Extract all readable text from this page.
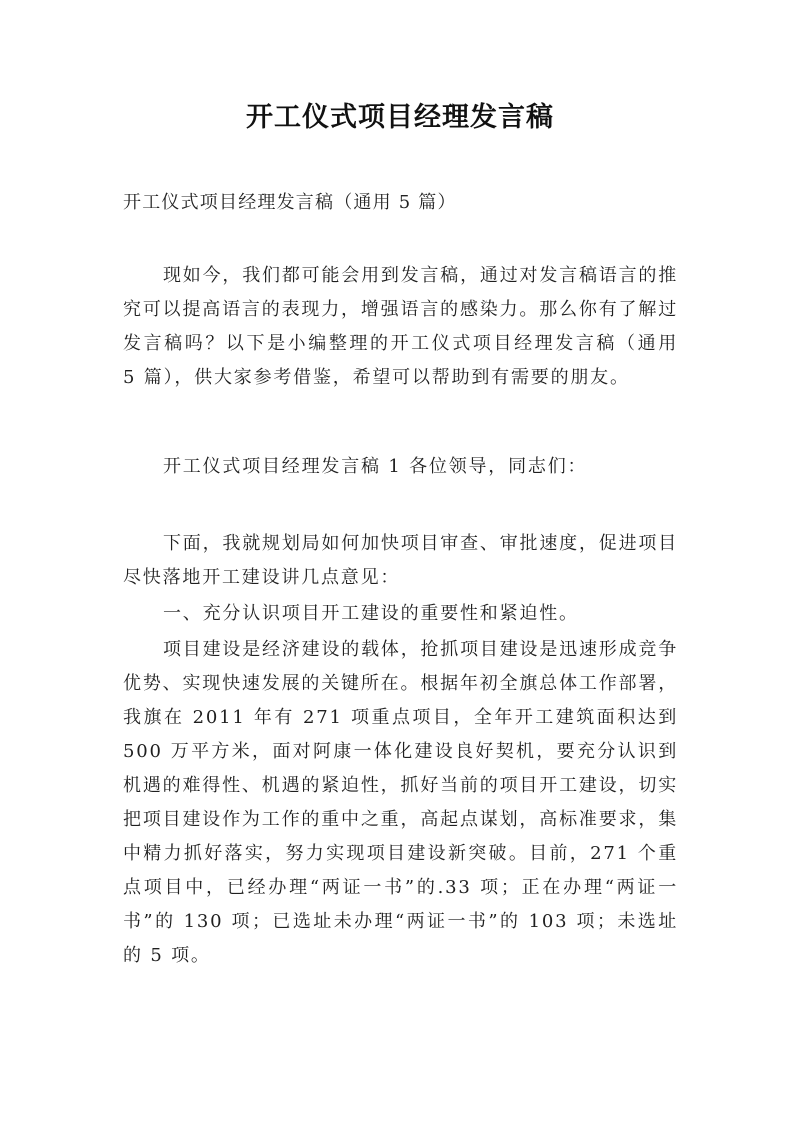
开工仪式项目经理发言稿
开工仪式项目经理发言稿（通用 5 篇）

现如今，我们都可能会用到发言稿，通过对发言稿语言的推究可以提高语言的表现力，增强语言的感染力。那么你有了解过发言稿吗？以下是小编整理的开工仪式项目经理发言稿（通用 5 篇），供大家参考借鉴，希望可以帮助到有需要的朋友。

开工仪式项目经理发言稿 1 各位领导，同志们：

下面，我就规划局如何加快项目审查、审批速度，促进项目尽快落地开工建设讲几点意见：

一、充分认识项目开工建设的重要性和紧迫性。

项目建设是经济建设的载体，抢抓项目建设是迅速形成竞争优势、实现快速发展的关键所在。根据年初全旗总体工作部署，我旗在 2011 年有 271 项重点项目，全年开工建筑面积达到 500 万平方米，面对阿康一体化建设良好契机，要充分认识到机遇的难得性、机遇的紧迫性，抓好当前的项目开工建设，切实把项目建设作为工作的重中之重，高起点谋划，高标准要求，集中精力抓好落实，努力实现项目建设新突破。目前，271 个重点项目中，已经办理“两证一书”的.33 项；正在办理“两证一书”的 130 项；已选址未办理“两证一书”的 103 项；未选址的 5 项。
